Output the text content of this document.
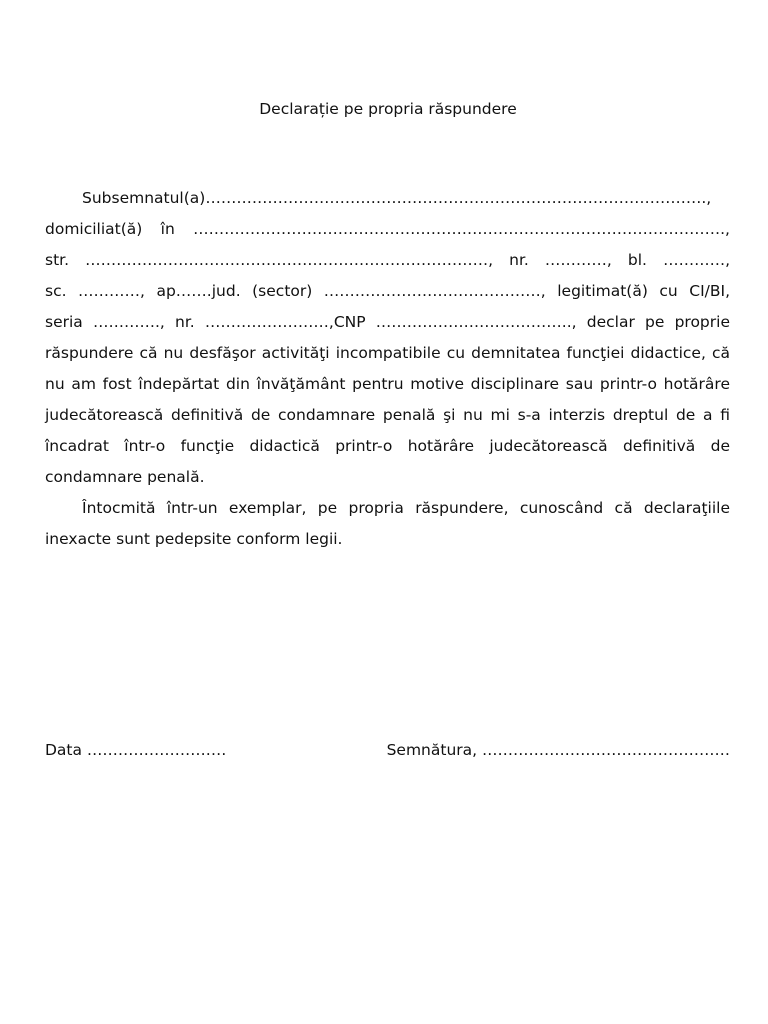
Declarație pe propria răspundere
Subsemnatul(a)…………………………………………………………………………………….,
domiciliat(ă) în ………………………………………………………………………………………….,
str. ……………………………………………………………………, nr. …………, bl. …………,
sc. …………, ap…….jud. (sector) ……………………………………, legitimat(ă) cu CI/BI,
seria …………., nr. ……………………,CNP ……………………………….., declar pe proprie
răspundere că nu desfăşor activităţi incompatibile cu demnitatea funcţiei didactice, că
nu am fost îndepărtat din învăţământ pentru motive disciplinare sau printr-o hotărâre
judecătorească definitivă de condamnare penală şi nu mi s-a interzis dreptul de a fi
încadrat într-o funcţie didactică printr-o hotărâre judecătorească definitivă de
condamnare penală.
Întocmită într-un exemplar, pe propria răspundere, cunoscând că declaraţiile
inexacte sunt pedepsite conform legii.
Data ………………………	Semnătura, …………………………………………
